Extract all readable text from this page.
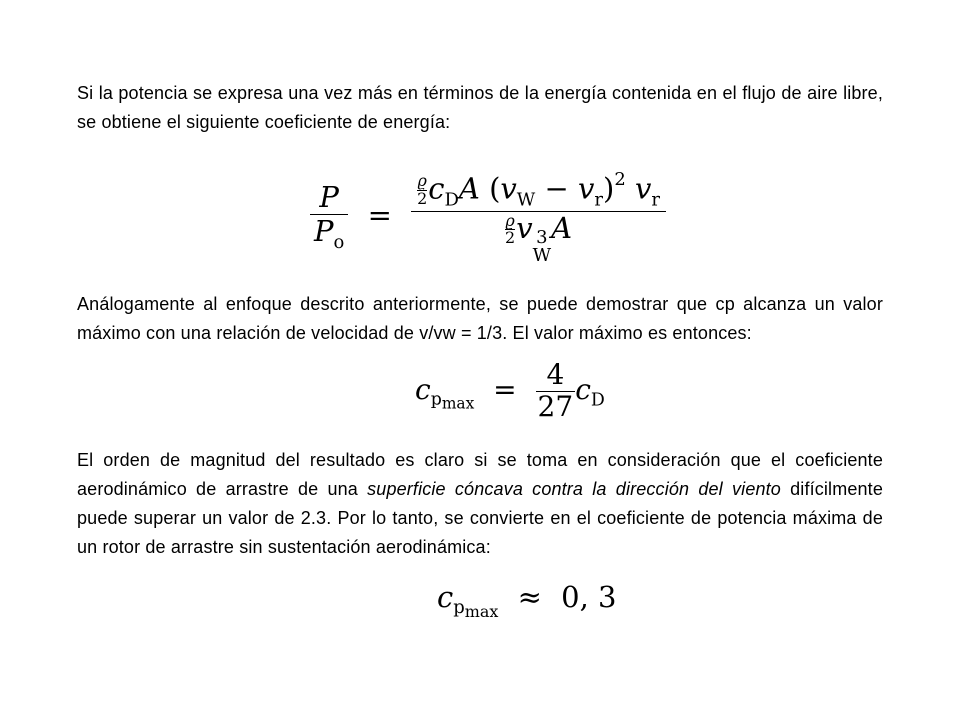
Si la potencia se expresa una vez más en términos de la energía contenida en el flujo de aire libre, se obtiene el siguiente coeficiente de energía:

$\frac{P}{P_o} = \frac{ϱ}{2} c_DA$ $(v_W - v_r)^2$ $v_r$
$\frac{ϱ}{2}$ v 3
W
A

Análogamente al enfoque descrito anteriormente, se puede demostrar que cp alcanza un valor máximo con una relación de velocidad de v/vw = 1/3. El valor máximo es entonces:

$cp_{max} = \frac{4}{27} c_D$

El orden de magnitud del resultado es claro si se toma en consideración que el coeficiente aerodinámico de arrastre de una superficie cóncava contra la dirección del viento difícilmente puede superar un valor de 2.3. Por lo tanto, se convierte en el coeficiente de potencia máxima de un rotor de arrastre sin sustentación aerodinámica:

$cp_{max} \approx 0$, 3
